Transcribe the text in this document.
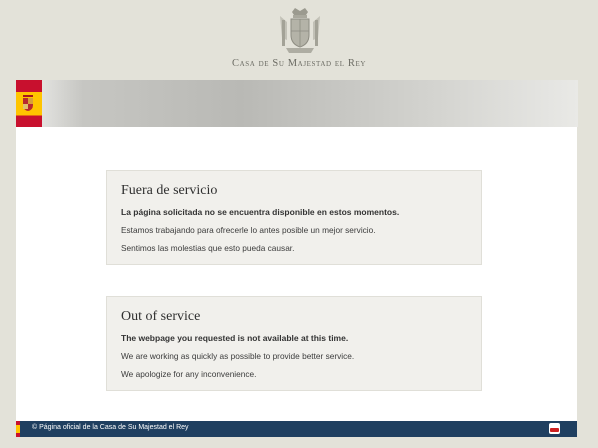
Casa de Su Majestad el Rey
Fuera de servicio

La página solicitada no se encuentra disponible en estos momentos.

Estamos trabajando para ofrecerle lo antes posible un mejor servicio.

Sentimos las molestias que esto pueda causar.

Out of service

The webpage you requested is not available at this time.

We are working as quickly as possible to provide better service.

We apologize for any inconvenience.

© Página oficial de la Casa de Su Majestad el Rey
